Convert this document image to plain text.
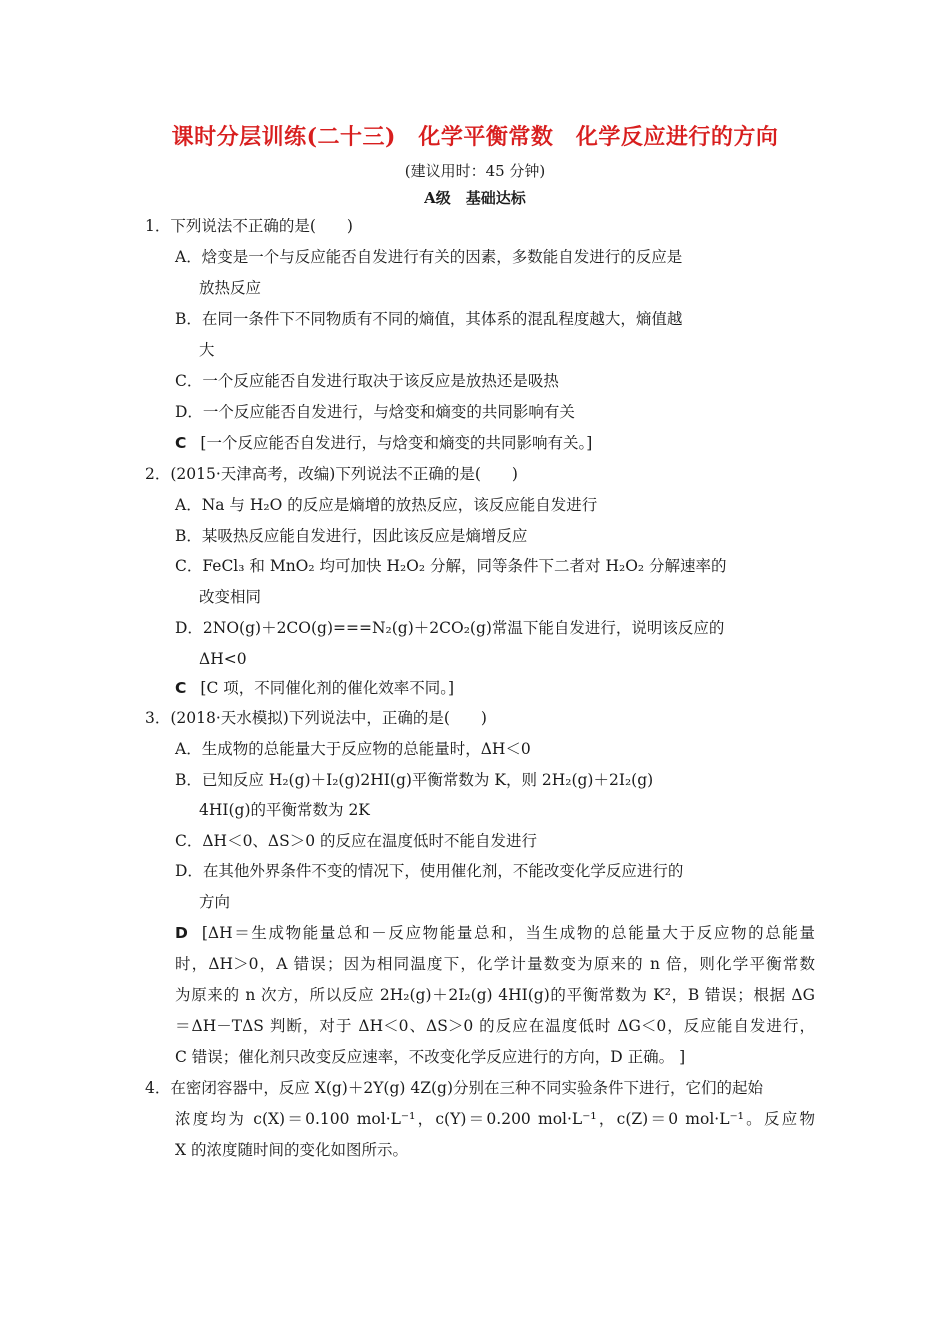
课时分层训练(二十三)　化学平衡常数　化学反应进行的方向
(建议用时：45 分钟)
A级　基础达标
1．下列说法不正确的是(　　)
A．焓变是一个与反应能否自发进行有关的因素，多数能自发进行的反应是
放热反应
B．在同一条件下不同物质有不同的熵值，其体系的混乱程度越大，熵值越
大
C．一个反应能否自发进行取决于该反应是放热还是吸热
D．一个反应能否自发进行，与焓变和熵变的共同影响有关
C [一个反应能否自发进行，与焓变和熵变的共同影响有关。]
2．(2015·天津高考，改编)下列说法不正确的是(　　)
A．Na 与 H₂O 的反应是熵增的放热反应，该反应能自发进行
B．某吸热反应能自发进行，因此该反应是熵增反应
C．FeCl₃ 和 MnO₂ 均可加快 H₂O₂ 分解，同等条件下二者对 H₂O₂ 分解速率的
改变相同
D．2NO(g)＋2CO(g)===N₂(g)＋2CO₂(g)常温下能自发进行，说明该反应的
ΔH<0
C [C 项，不同催化剂的催化效率不同。]
3．(2018·天水模拟)下列说法中，正确的是(　　)
A．生成物的总能量大于反应物的总能量时，ΔH＜0
B．已知反应 H₂(g)＋I₂(g)2HI(g)平衡常数为 K，则 2H₂(g)＋2I₂(g)
4HI(g)的平衡常数为 2K
C．ΔH＜0、ΔS＞0 的反应在温度低时不能自发进行
D．在其他外界条件不变的情况下，使用催化剂，不能改变化学反应进行的
方向
D [ΔH＝生成物能量总和－反应物能量总和，当生成物的总能量大于反应物的总能量
时，ΔH＞0，A 错误；因为相同温度下，化学计量数变为原来的 n 倍，则化学平衡常数
为原来的 n 次方，所以反应 2H₂(g)＋2I₂(g) 4HI(g)的平衡常数为 K²，B 错误；根据 ΔG
＝ΔH－TΔS 判断，对于 ΔH＜0、ΔS＞0 的反应在温度低时 ΔG＜0，反应能自发进行，
C 错误；催化剂只改变反应速率，不改变化学反应进行的方向，D 正确。 ]
4．在密闭容器中，反应 X(g)＋2Y(g) 4Z(g)分别在三种不同实验条件下进行，它们的起始
浓度均为 c(X)＝0.100 mol·L⁻¹，c(Y)＝0.200 mol·L⁻¹，c(Z)＝0 mol·L⁻¹。反应物
X 的浓度随时间的变化如图所示。
